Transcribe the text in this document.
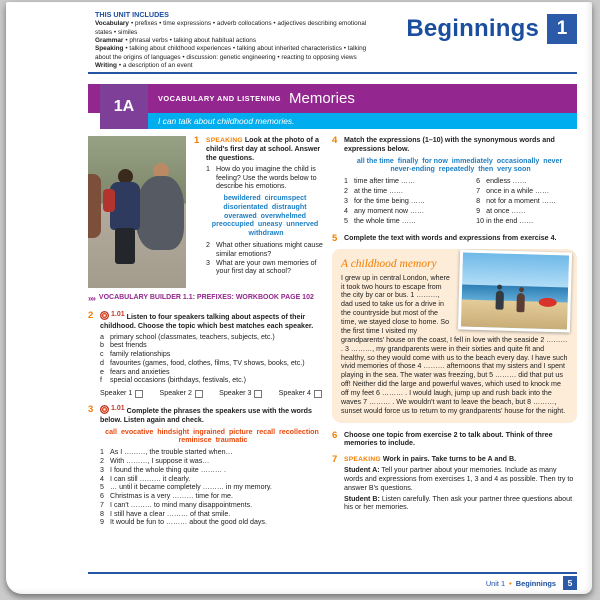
THIS UNIT INCLUDES

Vocabulary • prefixes • time expressions • adverb collocations • adjectives describing emotional states • similes

Grammar • phrasal verbs • talking about habitual actions

Speaking • talking about childhood experiences • talking about inherited characteristics • talking about the origins of languages • discussion: genetic engineering • reacting to opposing views

Writing • a description of an event

Beginnings 1
1A	VOCABULARY AND LISTENING Memories
I can talk about childhood memories.
1	SPEAKING Look at the photo of a child's first day at school. Answer the questions.

1 How do you imagine the child is feeling? Use the words below to describe his emotions.

bewildered  circumspect  disorientated  distraught  overawed  overwhelmed  preoccupied  uneasy  unnerved  withdrawn

2 What other situations might cause similar emotions?
3 What are your own memories of your first day at school?
»» VOCABULARY BUILDER 1.1: PREFIXES: WORKBOOK PAGE 102
2	1.01 Listen to four speakers talking about aspects of their childhood. Choose the topic which best matches each speaker.

a primary school (classmates, teachers, subjects, etc.)
b best friends
c family relationships
d favourites (games, food, clothes, films, TV shows, books, etc.)
e fears and anxieties
f	special occasions (birthdays, festivals, etc.)
Speaker 1	Speaker 2	Speaker 3	Speaker 4
3	1.01 Complete the phrases the speakers use with the words below. Listen again and check.

call  evocative  hindsight  ingrained  picture  recall  recollection  reminisce  traumatic

1 As I ………, the trouble started when…
2 With ………, I suppose it was…
3 I found the whole thing quite ……… .
4 I can still ……… it clearly.
5 … until it became completely ……… in my memory.
6 Christmas is a very ……… time for me.
7 I can't ……… to mind many disappointments.
8 I still have a clear ……… of that smile.
9 It would be fun to ……… about the good old days.
4 Match the expressions (1–10) with the synonymous words and expressions below.

all the time  finally  for now  immediately  occasionally  never  never-ending  repeatedly  then  very soon

1 time after time ……
2 at the time ……
3 for the time being ……
4 any moment now ……
5 the whole time ……
6 endless ……
7 once in a while ……
8 not for a moment ……
9 at once ……
10 in the end ……
5 Complete the text with words and expressions from exercise 4.

A childhood memory
I grew up in central London, where it took two hours to escape from the city by car or bus. 1 ………, dad used to take us for a drive in the countryside but most of the time, we stayed close to home. So the first time I visited my grandparents' house on the coast, I fell in love with the seaside 2 ……… . 3 ………, my grandparents were in their sixties and quite fit and healthy, so they would come with us to the beach every day. I have such vivid memories of those 4 ……… afternoons that my sisters and I spent playing in the sea. The water was freezing, but 5 ……… did that put us off! Neither did the large and powerful waves, which used to knock me off my feet 6 ……… . I would laugh, jump up and rush back into the waves 7 ……… . We wouldn't want to leave the beach, but 8 ………, sunset would force us to return to my grandparents' house for the night.
6 Choose one topic from exercise 2 to talk about. Think of three memories to include.

7	SPEAKING Work in pairs. Take turns to be A and B.

Student A: Tell your partner about your memories. Include as many words and expressions from exercises 1, 3 and 4 as possible. Then try to answer B's questions.

Student B: Listen carefully. Then ask your partner three questions about his or her memories.

Unit 1 • Beginnings	5
